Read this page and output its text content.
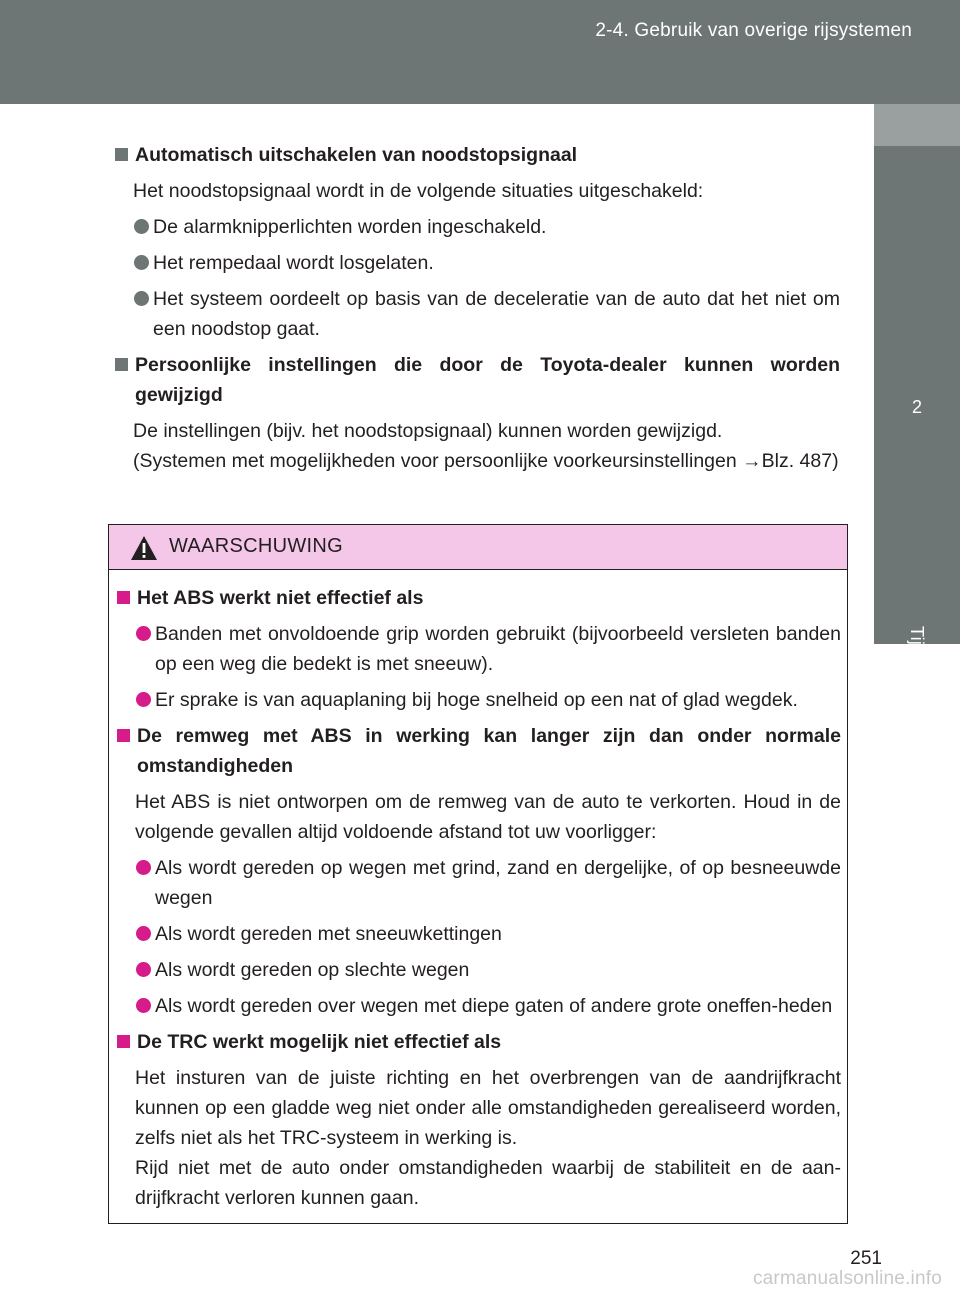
2-4. Gebruik van overige rijsystemen
2
Tijdens het rijden
Automatisch uitschakelen van noodstopsignaal
Het noodstopsignaal wordt in de volgende situaties uitgeschakeld:
De alarmknipperlichten worden ingeschakeld.
Het rempedaal wordt losgelaten.
Het systeem oordeelt op basis van de deceleratie van de auto dat het niet om een noodstop gaat.
Persoonlijke instellingen die door de Toyota-dealer kunnen worden gewijzigd
De instellingen (bijv. het noodstopsignaal) kunnen worden gewijzigd.
(Systemen met mogelijkheden voor persoonlijke voorkeursinstellingen →Blz. 487)
WAARSCHUWING
Het ABS werkt niet effectief als
Banden met onvoldoende grip worden gebruikt (bijvoorbeeld versleten banden op een weg die bedekt is met sneeuw).
Er sprake is van aquaplaning bij hoge snelheid op een nat of glad wegdek.
De remweg met ABS in werking kan langer zijn dan onder normale omstandigheden
Het ABS is niet ontworpen om de remweg van de auto te verkorten. Houd in de volgende gevallen altijd voldoende afstand tot uw voorligger:
Als wordt gereden op wegen met grind, zand en dergelijke, of op besneeuwde wegen
Als wordt gereden met sneeuwkettingen
Als wordt gereden op slechte wegen
Als wordt gereden over wegen met diepe gaten of andere grote oneffen-heden
De TRC werkt mogelijk niet effectief als
Het insturen van de juiste richting en het overbrengen van de aandrijfkracht kunnen op een gladde weg niet onder alle omstandigheden gerealiseerd worden, zelfs niet als het TRC-systeem in werking is.
Rijd niet met de auto onder omstandigheden waarbij de stabiliteit en de aan-drijfkracht verloren kunnen gaan.
251
carmanualsonline.info
